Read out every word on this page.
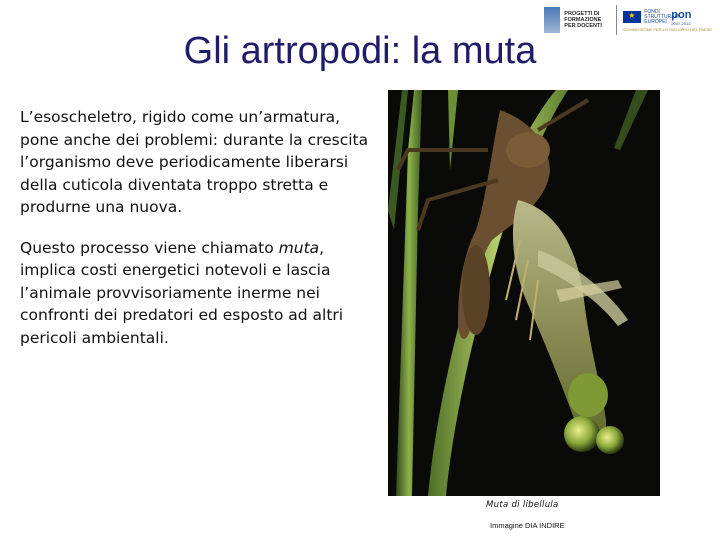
PROGETTI DI
FORMAZIONE
PER DOCENTI
★
FONDI
STRUTTURALI
EUROPEI
pon
2007-2013
COMMISSIONE PER LO SVILUPPO DEL PAESE
Gli artropodi: la muta

L’esoscheletro, rigido come un’armatura, pone anche dei problemi: durante la crescita l’organismo deve periodicamente liberarsi della cuticola diventata troppo stretta e produrne una nuova.

Questo processo viene chiamato muta, implica costi energetici notevoli e lascia l’animale provvisoriamente inerme nei confronti dei predatori ed esposto ad altri pericoli ambientali.

Muta di libellula
Immagine DIA INDIRE
